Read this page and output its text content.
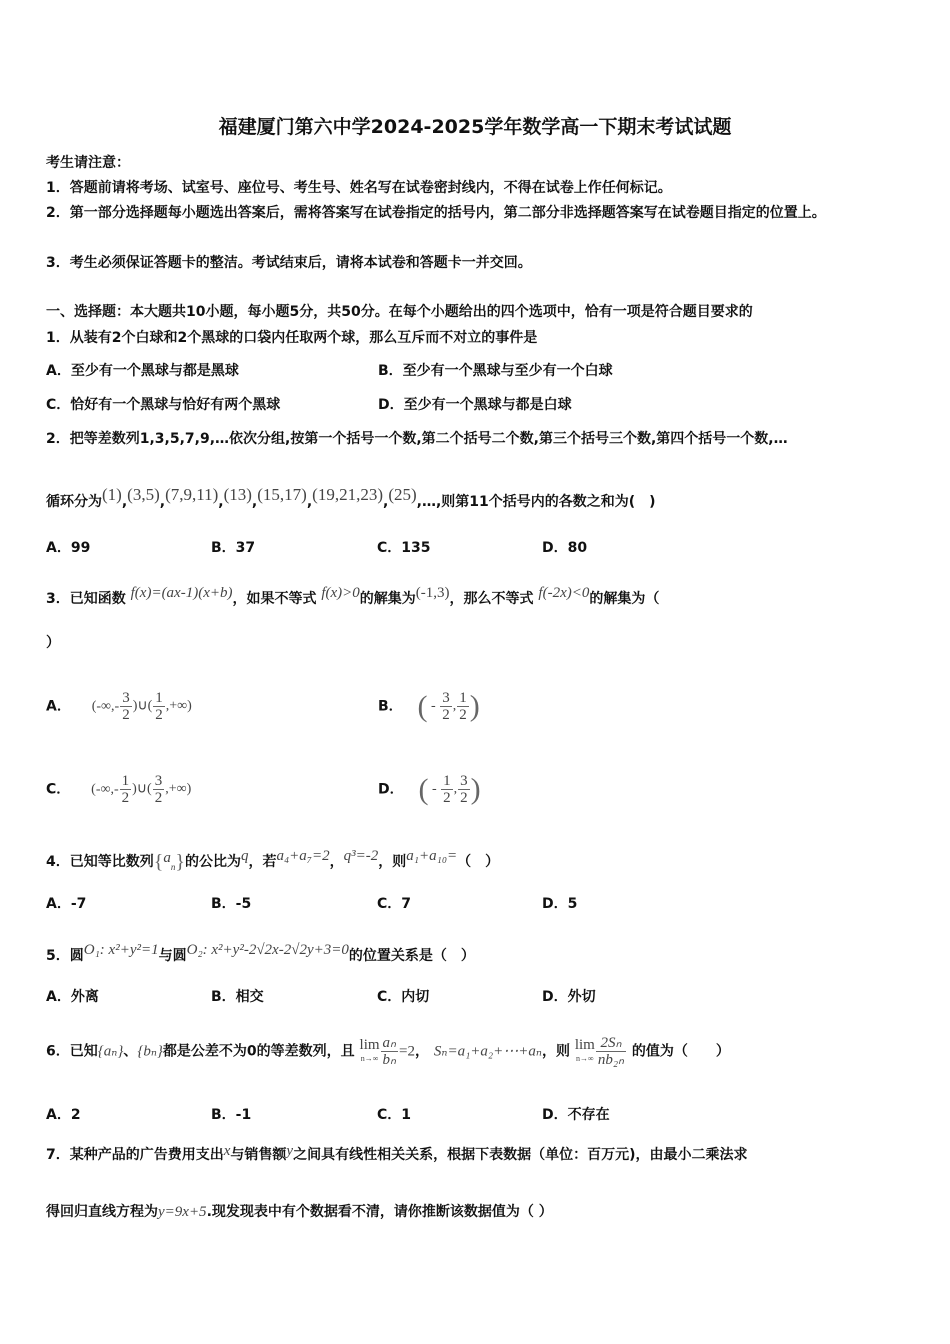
福建厦门第六中学2024-2025学年数学高一下期末考试试题
考生请注意：
1．答题前请将考场、试室号、座位号、考生号、姓名写在试卷密封线内，不得在试卷上作任何标记。
2．第一部分选择题每小题选出答案后，需将答案写在试卷指定的括号内，第二部分非选择题答案写在试卷题目指定的位置上。
3．考生必须保证答题卡的整洁。考试结束后，请将本试卷和答题卡一并交回。
一、选择题：本大题共10小题，每小题5分，共50分。在每个小题给出的四个选项中，恰有一项是符合题目要求的
1．从装有2个白球和2个黑球的口袋内任取两个球，那么互斥而不对立的事件是
A．至少有一个黑球与都是黑球	B．至少有一个黑球与至少有一个白球
C．恰好有一个黑球与恰好有两个黑球	D．至少有一个黑球与都是白球
2．把等差数列1,3,5,7,9,…依次分组,按第一个括号一个数,第二个括号二个数,第三个括号三个数,第四个括号一个数,…
循环分为(1),(3,5),(7,9,11),(13),(15,17),(19,21,23),(25),…,则第11个括号内的各数之和为(　)
A．99	B．37	C．135	D．80
3．已知函数 f(x)=(ax-1)(x+b)，如果不等式 f(x)>0的解集为(-1,3)，那么不等式 f(-2x)<0的解集为（
）
A． (-∞,- $\frac{3}{2}$ )∪( $\frac{1}{2}$ ,+∞)	B． ( - $\frac{3}{2}$ , $\frac{1}{2}$ )
C． (-∞,- $\frac{1}{2}$ )∪( $\frac{3}{2}$ ,+∞)	D． ( - $\frac{1}{2}$ , $\frac{3}{2}$ )
4．已知等比数列$\{a_n\}$的公比为q，若a₄+a₇=2，q³=-2，则a₁+a₁₀=（　）
A．-7	B．-5	C．7	D．5
5．圆O₁: x²+y²=1与圆O₂: x²+y²-2√2x-2√2y+3=0的位置关系是（　）
A．外离	B．相交	C．内切	D．外切
6．已知{aₙ}、{bₙ}都是公差不为0的等差数列，且 lim
$n\to\infty \frac{\text{aₙ}}{\text{bₙ}} =2$， Sₙ=a₁+a₂+⋯+aₙ，则 lim
$n\to\infty \frac{\text{2Sₙ}}{\text{nb₂ₙ}}$ 的值为（　　）
A．2	B．-1	C．1	D．不存在
7．某种产品的广告费用支出x与销售额y之间具有线性相关关系，根据下表数据（单位：百万元)，由最小二乘法求
得回归直线方程为y=9x+5.现发现表中有个数据看不清，请你推断该数据值为（ ）
